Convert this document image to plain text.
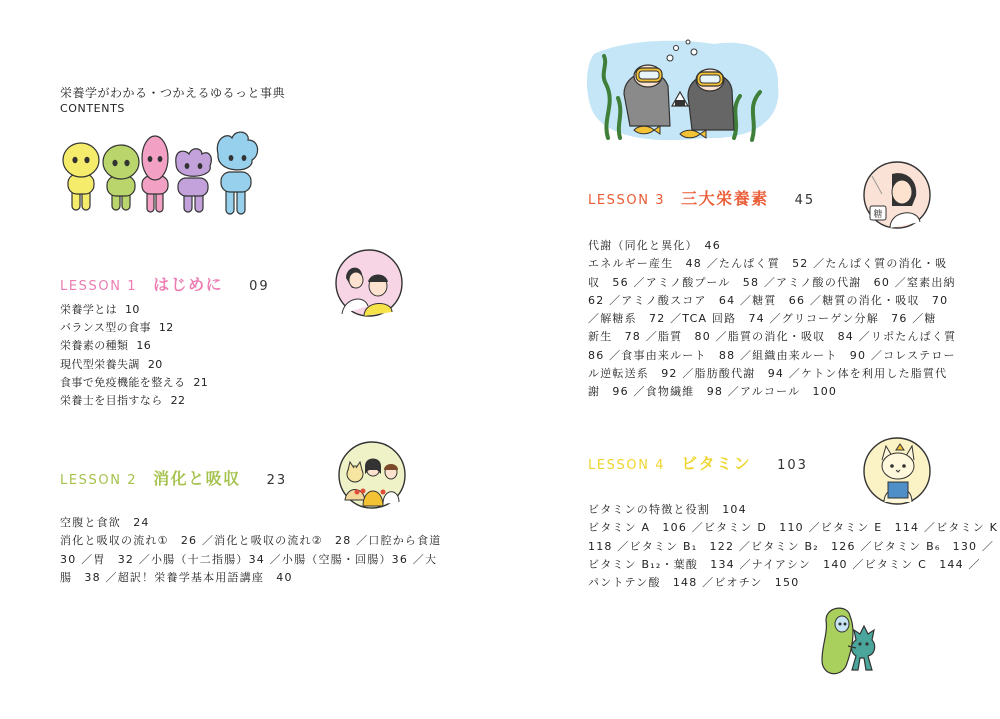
栄養学がわかる・つかえるゆるっと事典
CONTENTS
LESSON 1 はじめに 09
栄養学とは 10
バランス型の食事 12
栄養素の種類 16
現代型栄養失調 20
食事で免疫機能を整える 21
栄養士を目指すなら 22
LESSON 2 消化と吸収 23
空腹と食欲　24
消化と吸収の流れ①　26 ／消化と吸収の流れ②　28 ／口腔から食道
30 ／胃　32 ／小腸（十二指腸）34 ／小腸（空腸・回腸）36 ／大
腸　38 ／超訳！栄養学基本用語講座　40
LESSON 3 三大栄養素 45
糖
代謝（同化と異化）　46
エネルギー産生　48 ／たんぱく質　52 ／たんぱく質の消化・吸
収　56 ／アミノ酸プール　58 ／アミノ酸の代謝　60 ／窒素出納
62 ／アミノ酸スコア　64 ／糖質　66 ／糖質の消化・吸収　70
／解糖系　72 ／TCA 回路　74 ／グリコーゲン分解　76 ／糖
新生　78 ／脂質　80 ／脂質の消化・吸収　84 ／リポたんぱく質
86 ／食事由来ルート　88 ／組織由来ルート　90 ／コレステロー
ル逆転送系　92 ／脂肪酸代謝　94 ／ケトン体を利用した脂質代
謝　96 ／食物繊維　98 ／アルコール　100
LESSON 4 ビタミン 103
ビタミンの特徴と役割　104
ビタミン A　106 ／ビタミン D　110 ／ビタミン E　114 ／ビタミン K
118 ／ビタミン B₁　122 ／ビタミン B₂　126 ／ビタミン B₆　130 ／
ビタミン B₁₂・葉酸　134 ／ナイアシン　140 ／ビタミン C　144 ／
パントテン酸　148 ／ビオチン　150
